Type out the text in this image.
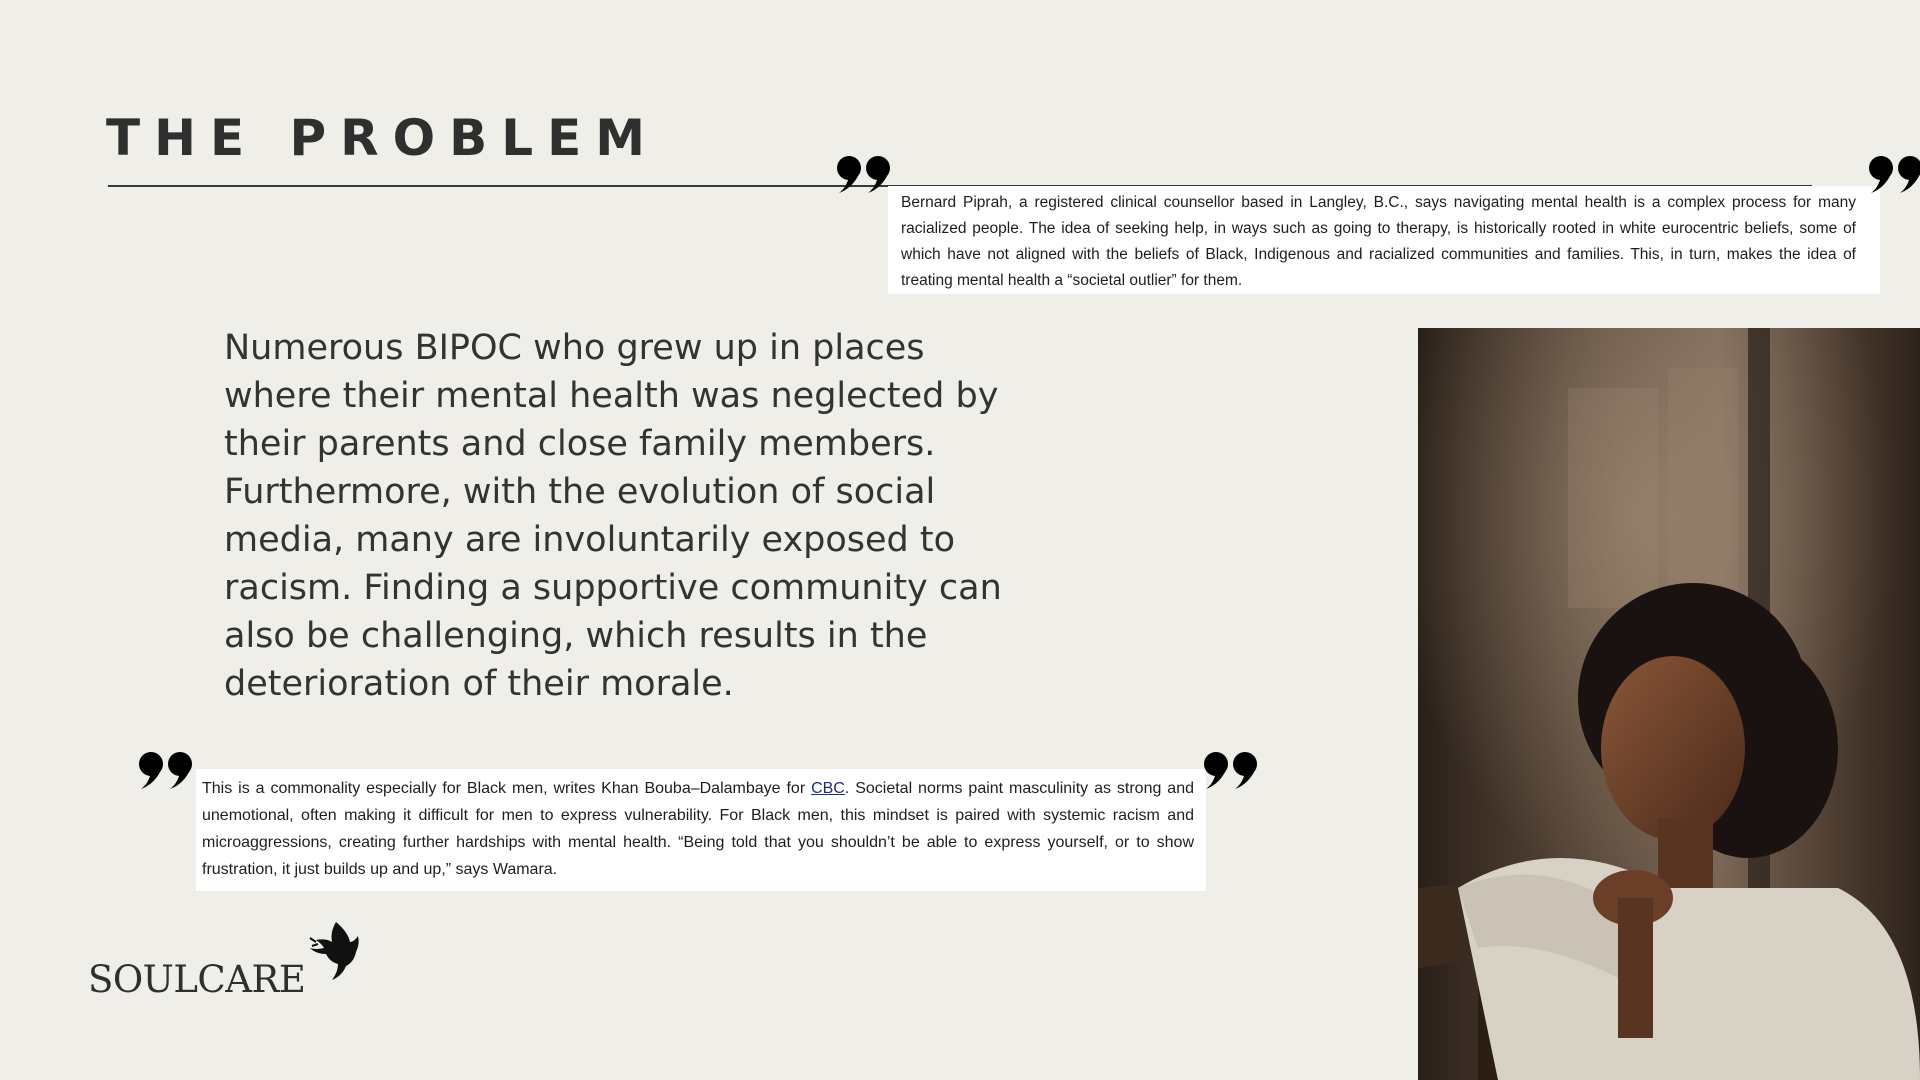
THE PROBLEM
Bernard Piprah, a registered clinical counsellor based in Langley, B.C., says navigating mental health is a complex process for many racialized people. The idea of seeking help, in ways such as going to therapy, is historically rooted in white eurocentric beliefs, some of which have not aligned with the beliefs of Black, Indigenous and racialized communities and families. This, in turn, makes the idea of treating mental health a “societal outlier” for them.

Numerous BIPOC who grew up in places where their mental health was neglected by their parents and close family members. Furthermore, with the evolution of social media, many are involuntarily exposed to racism. Finding a supportive community can also be challenging, which results in the deterioration of their morale.

This is a commonality especially for Black men, writes Khan Bouba–Dalambaye for CBC. Societal norms paint masculinity as strong and unemotional, often making it difficult for men to express vulnerability. For Black men, this mindset is paired with systemic racism and microaggressions, creating further hardships with mental health. “Being told that you shouldn’t be able to express yourself, or to show frustration, it just builds up and up,” says Wamara.
SOULCARE
